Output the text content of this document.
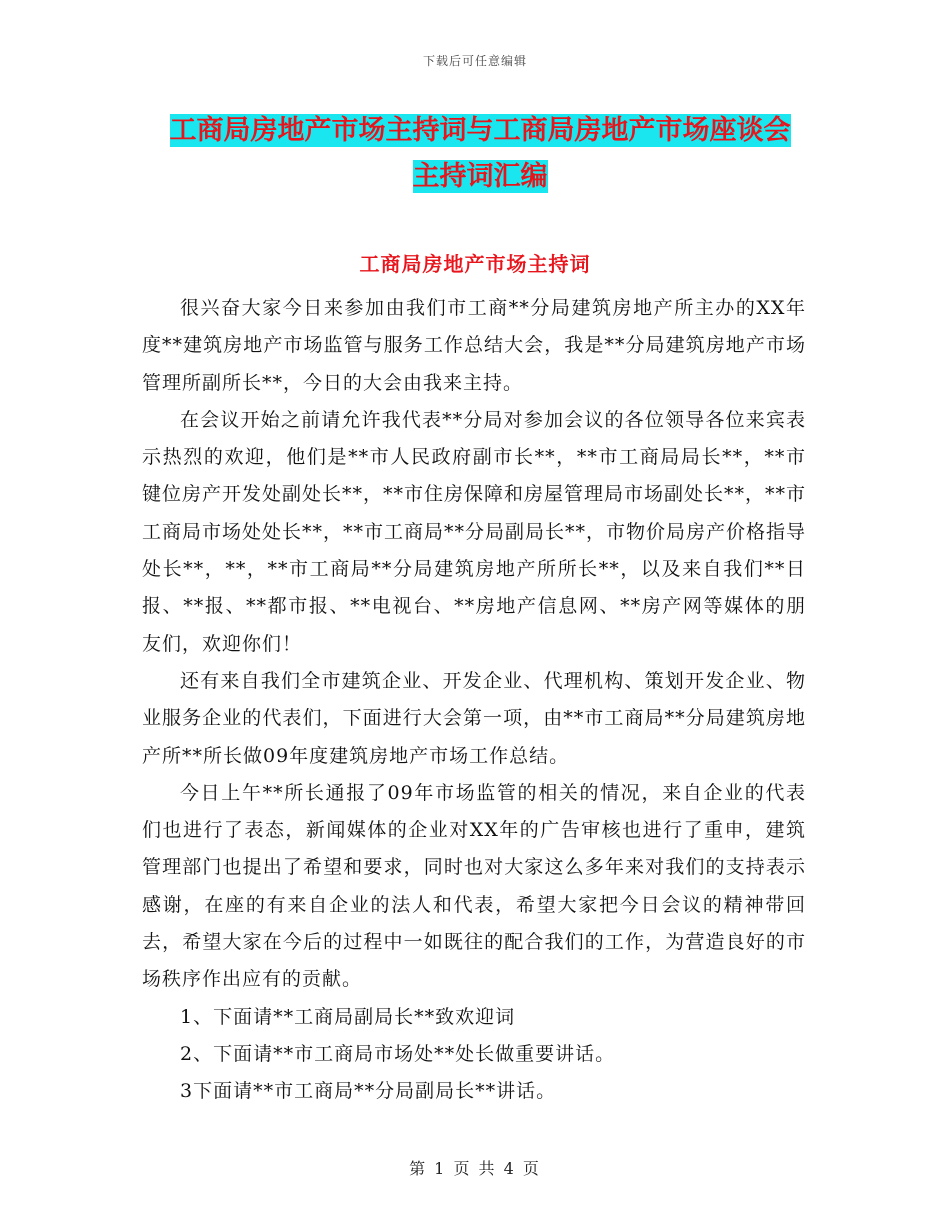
下载后可任意编辑
工商局房地产市场主持词与工商局房地产市场座谈会
主持词汇编
工商局房地产市场主持词

很兴奋大家今日来参加由我们市工商**分局建筑房地产所主办的XX年度**建筑房地产市场监管与服务工作总结大会，我是**分局建筑房地产市场管理所副所长**，今日的大会由我来主持。

在会议开始之前请允许我代表**分局对参加会议的各位领导各位来宾表示热烈的欢迎，他们是**市人民政府副市长**，**市工商局局长**，**市键位房产开发处副处长**，**市住房保障和房屋管理局市场副处长**，**市工商局市场处处长**，**市工商局**分局副局长**，市物价局房产价格指导处长**，**，**市工商局**分局建筑房地产所所长**，以及来自我们**日报、**报、**都市报、**电视台、**房地产信息网、**房产网等媒体的朋友们，欢迎你们！

还有来自我们全市建筑企业、开发企业、代理机构、策划开发企业、物业服务企业的代表们，下面进行大会第一项，由**市工商局**分局建筑房地产所**所长做09年度建筑房地产市场工作总结。

今日上午**所长通报了09年市场监管的相关的情况，来自企业的代表们也进行了表态，新闻媒体的企业对XX年的广告审核也进行了重申，建筑管理部门也提出了希望和要求，同时也对大家这么多年来对我们的支持表示感谢，在座的有来自企业的法人和代表，希望大家把今日会议的精神带回去，希望大家在今后的过程中一如既往的配合我们的工作，为营造良好的市场秩序作出应有的贡献。

1、下面请**工商局副局长**致欢迎词

2、下面请**市工商局市场处**处长做重要讲话。

3下面请**市工商局**分局副局长**讲话。

第 1 页 共 4 页
